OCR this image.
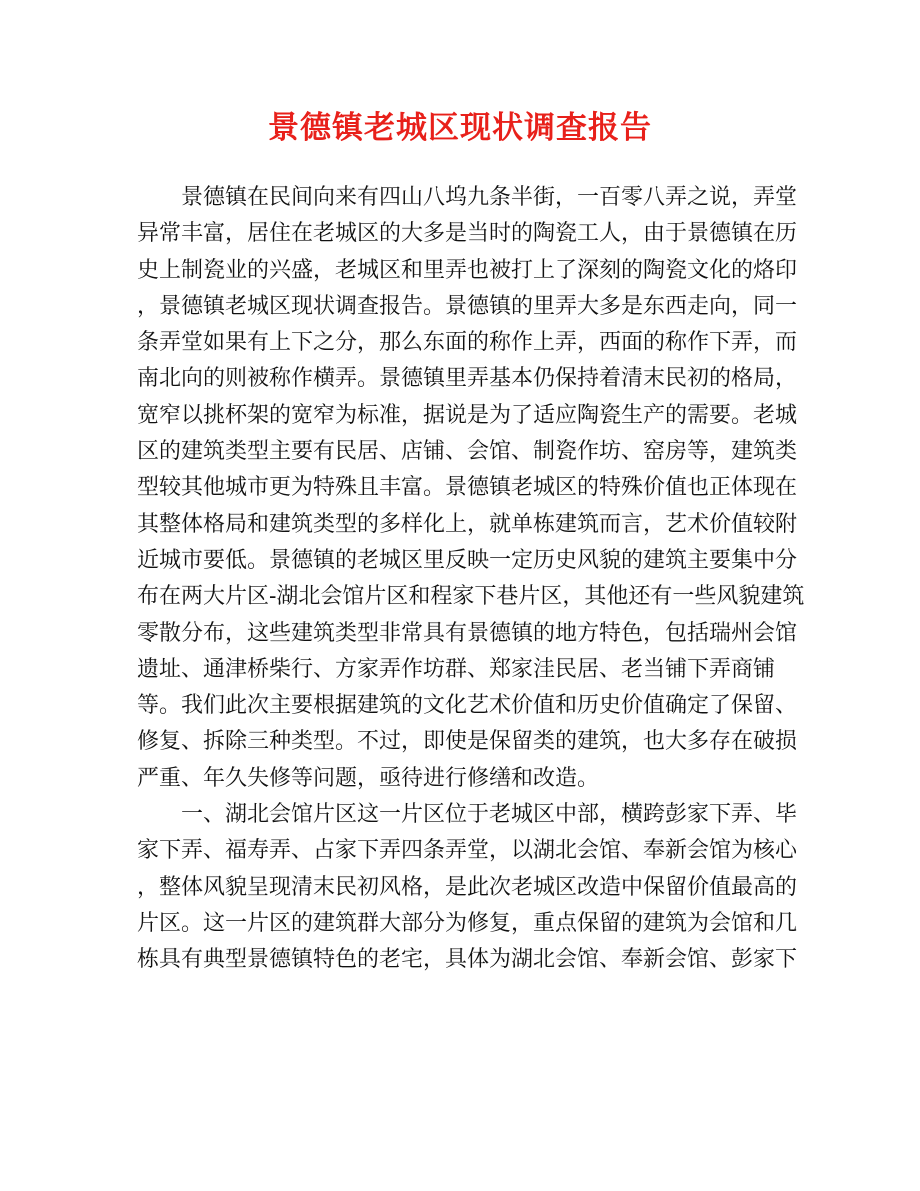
景德镇老城区现状调查报告
　　景德镇在民间向来有四山八坞九条半街，一百零八弄之说，弄堂
异常丰富，居住在老城区的大多是当时的陶瓷工人，由于景德镇在历
史上制瓷业的兴盛，老城区和里弄也被打上了深刻的陶瓷文化的烙印
，景德镇老城区现状调查报告。景德镇的里弄大多是东西走向，同一
条弄堂如果有上下之分，那么东面的称作上弄，西面的称作下弄，而
南北向的则被称作横弄。景德镇里弄基本仍保持着清末民初的格局，
宽窄以挑杯架的宽窄为标准，据说是为了适应陶瓷生产的需要。老城
区的建筑类型主要有民居、店铺、会馆、制瓷作坊、窑房等，建筑类
型较其他城市更为特殊且丰富。景德镇老城区的特殊价值也正体现在
其整体格局和建筑类型的多样化上，就单栋建筑而言，艺术价值较附
近城市要低。景德镇的老城区里反映一定历史风貌的建筑主要集中分
布在两大片区-湖北会馆片区和程家下巷片区，其他还有一些风貌建筑
零散分布，这些建筑类型非常具有景德镇的地方特色，包括瑞州会馆
遗址、通津桥柴行、方家弄作坊群、郑家洼民居、老当铺下弄商铺
等。我们此次主要根据建筑的文化艺术价值和历史价值确定了保留、
修复、拆除三种类型。不过，即使是保留类的建筑，也大多存在破损
严重、年久失修等问题，亟待进行修缮和改造。
　　一、湖北会馆片区这一片区位于老城区中部，横跨彭家下弄、毕
家下弄、福寿弄、占家下弄四条弄堂，以湖北会馆、奉新会馆为核心
，整体风貌呈现清末民初风格，是此次老城区改造中保留价值最高的
片区。这一片区的建筑群大部分为修复，重点保留的建筑为会馆和几
栋具有典型景德镇特色的老宅，具体为湖北会馆、奉新会馆、彭家下
